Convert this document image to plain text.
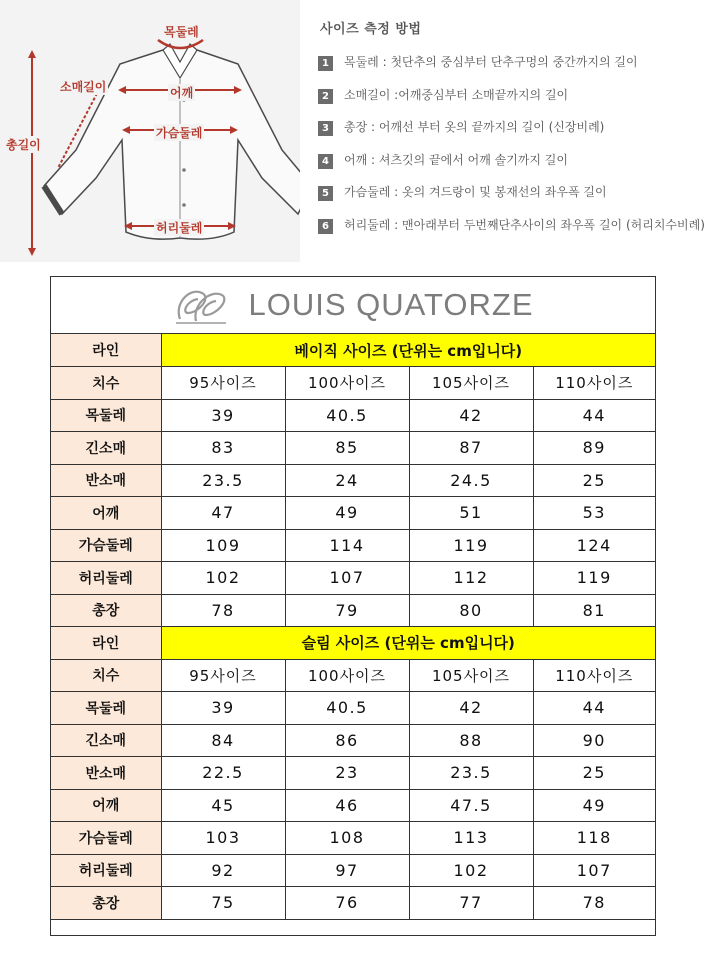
목둘레
소매길이	어깨
총길이
가슴둘레
허리둘레
사이즈 측정 방법
1	목둘레 : 첫단추의 중심부터 단추구멍의 중간까지의 길이
2	소매길이 :어깨중심부터 소매끝까지의 길이
3	총장 : 어깨선 부터 옷의 끝까지의 길이 (신장비례)
4	어깨 : 셔츠깃의 끝에서 어깨 솔기까지 길이
5	가슴둘레 : 옷의 겨드랑이 및 봉재선의 좌우폭 길이
6	허리둘레 : 맨아래부터 두번째단추사이의 좌우폭 길이 (허리치수비례)
LOUIS QUATORZE
라인	베이직 사이즈 (단위는 cm입니다)			
치수	95사이즈	100사이즈	105사이즈	110사이즈
목둘레	39	40.5	42	44
긴소매	83	85	87	89
반소매	23.5	24	24.5	25
어깨	47	49	51	53
가슴둘레	109	114	119	124
허리둘레	102	107	112	119
총장	78	79	80	81
라인	슬림 사이즈 (단위는 cm입니다)			
치수	95사이즈	100사이즈	105사이즈	110사이즈
목둘레	39	40.5	42	44
긴소매	84	86	88	90
반소매	22.5	23	23.5	25
어깨	45	46	47.5	49
가슴둘레	103	108	113	118
허리둘레	92	97	102	107
총장	75	76	77	78
